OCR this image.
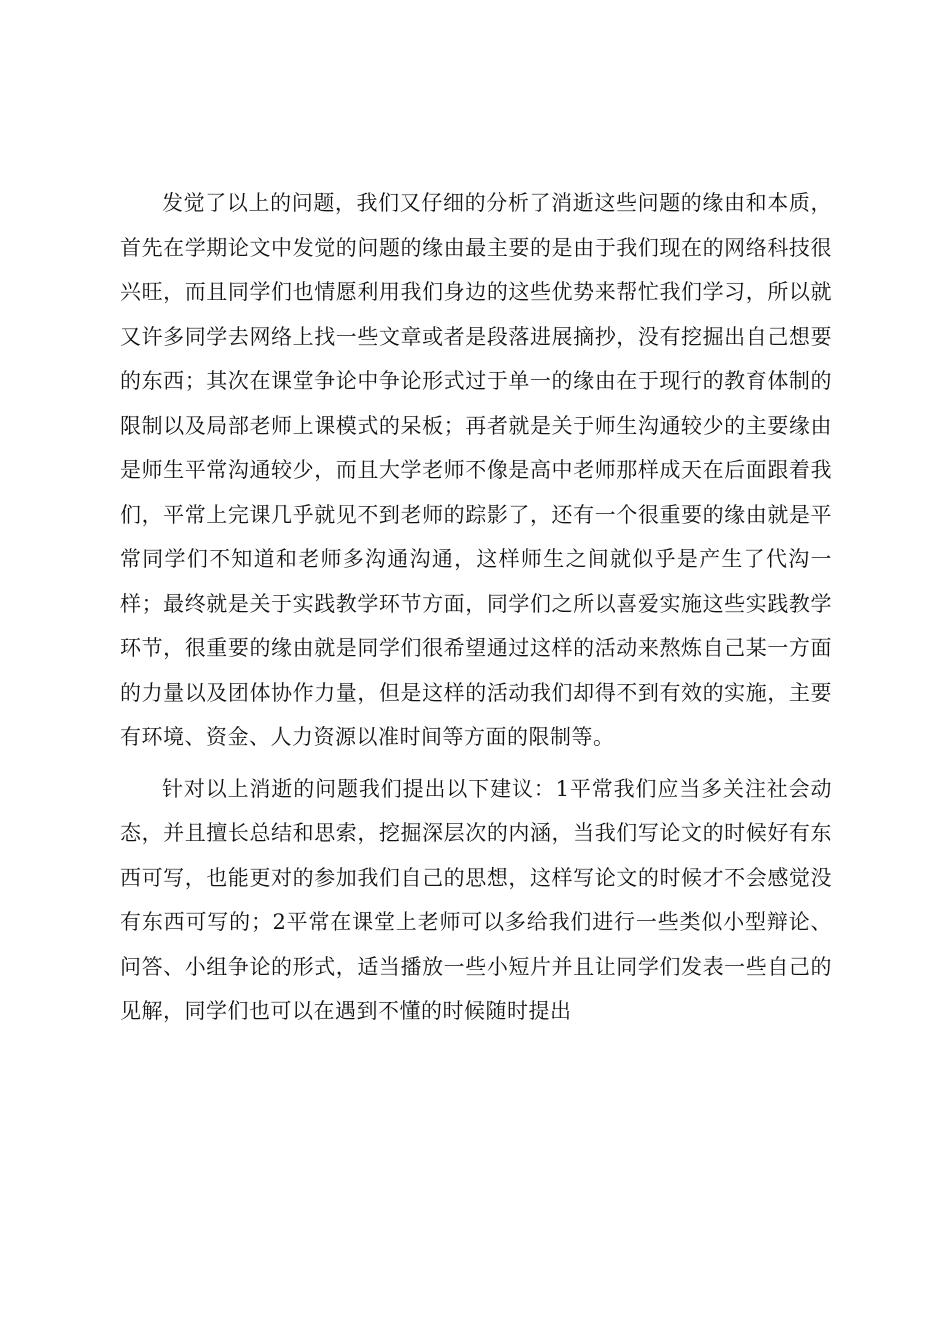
发觉了以上的问题，我们又仔细的分析了消逝这些问题的缘由和本质，首先在学期论文中发觉的问题的缘由最主要的是由于我们现在的网络科技很兴旺，而且同学们也情愿利用我们身边的这些优势来帮忙我们学习，所以就又许多同学去网络上找一些文章或者是段落进展摘抄，没有挖掘出自己想要的东西；其次在课堂争论中争论形式过于单一的缘由在于现行的教育体制的限制以及局部老师上课模式的呆板；再者就是关于师生沟通较少的主要缘由是师生平常沟通较少，而且大学老师不像是高中老师那样成天在后面跟着我们，平常上完课几乎就见不到老师的踪影了，还有一个很重要的缘由就是平常同学们不知道和老师多沟通沟通，这样师生之间就似乎是产生了代沟一样；最终就是关于实践教学环节方面，同学们之所以喜爱实施这些实践教学环节，很重要的缘由就是同学们很希望通过这样的活动来熬炼自己某一方面的力量以及团体协作力量，但是这样的活动我们却得不到有效的实施，主要有环境、资金、人力资源以准时间等方面的限制等。

针对以上消逝的问题我们提出以下建议：1平常我们应当多关注社会动态，并且擅长总结和思索，挖掘深层次的内涵，当我们写论文的时候好有东西可写，也能更对的参加我们自己的思想，这样写论文的时候才不会感觉没有东西可写的；2平常在课堂上老师可以多给我们进行一些类似小型辩论、问答、小组争论的形式，适当播放一些小短片并且让同学们发表一些自己的见解，同学们也可以在遇到不懂的时候随时提出
